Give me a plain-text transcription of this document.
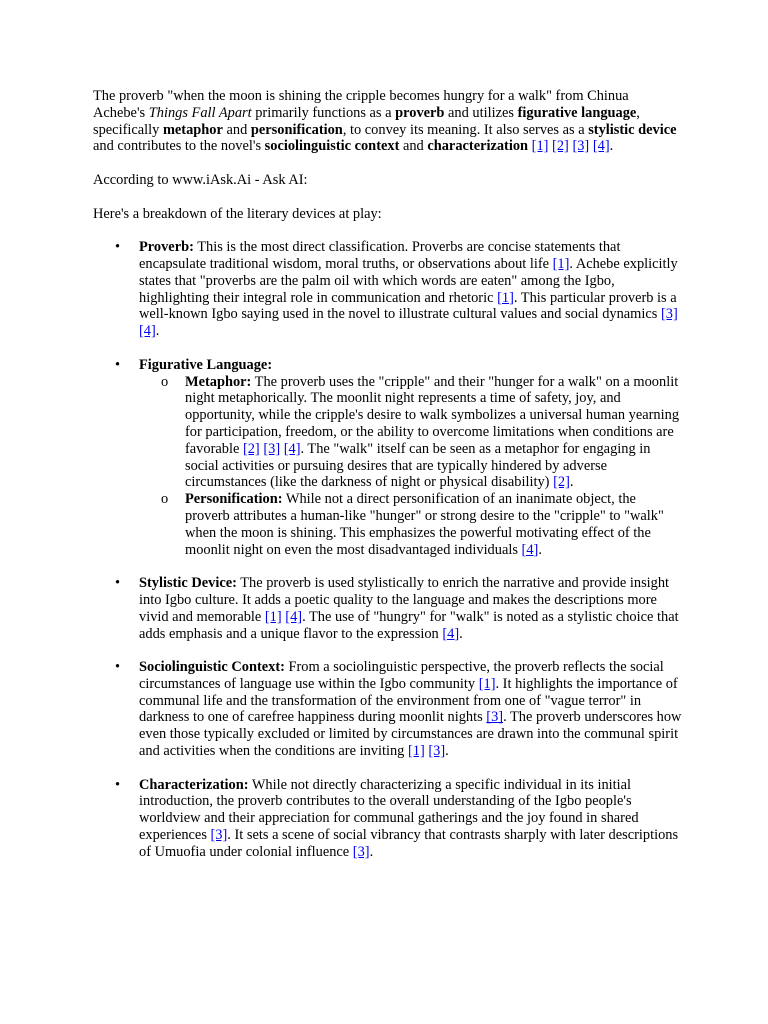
The proverb "when the moon is shining the cripple becomes hungry for a walk" from Chinua Achebe's Things Fall Apart primarily functions as a proverb and utilizes figurative language, specifically metaphor and personification, to convey its meaning. It also serves as a stylistic device and contributes to the novel's sociolinguistic context and characterization [1] [2] [3] [4].

According to www.iAsk.Ai - Ask AI:

Here's a breakdown of the literary devices at play:

• Proverb: This is the most direct classification. Proverbs are concise statements that encapsulate traditional wisdom, moral truths, or observations about life [1]. Achebe explicitly states that "proverbs are the palm oil with which words are eaten" among the Igbo, highlighting their integral role in communication and rhetoric [1]. This particular proverb is a well-known Igbo saying used in the novel to illustrate cultural values and social dynamics [3] [4].
• Figurative Language:
o Metaphor: The proverb uses the "cripple" and their "hunger for a walk" on a moonlit night metaphorically. The moonlit night represents a time of safety, joy, and opportunity, while the cripple's desire to walk symbolizes a universal human yearning for participation, freedom, or the ability to overcome limitations when conditions are favorable [2] [3] [4]. The "walk" itself can be seen as a metaphor for engaging in social activities or pursuing desires that are typically hindered by adverse circumstances (like the darkness of night or physical disability) [2].
o Personification: While not a direct personification of an inanimate object, the proverb attributes a human-like "hunger" or strong desire to the "cripple" to "walk" when the moon is shining. This emphasizes the powerful motivating effect of the moonlit night on even the most disadvantaged individuals [4].
• Stylistic Device: The proverb is used stylistically to enrich the narrative and provide insight into Igbo culture. It adds a poetic quality to the language and makes the descriptions more vivid and memorable [1] [4]. The use of "hungry" for "walk" is noted as a stylistic choice that adds emphasis and a unique flavor to the expression [4].
• Sociolinguistic Context: From a sociolinguistic perspective, the proverb reflects the social circumstances of language use within the Igbo community [1]. It highlights the importance of communal life and the transformation of the environment from one of "vague terror" in darkness to one of carefree happiness during moonlit nights [3]. The proverb underscores how even those typically excluded or limited by circumstances are drawn into the communal spirit and activities when the conditions are inviting [1] [3].
• Characterization: While not directly characterizing a specific individual in its initial introduction, the proverb contributes to the overall understanding of the Igbo people's worldview and their appreciation for communal gatherings and the joy found in shared experiences [3]. It sets a scene of social vibrancy that contrasts sharply with later descriptions of Umuofia under colonial influence [3].
